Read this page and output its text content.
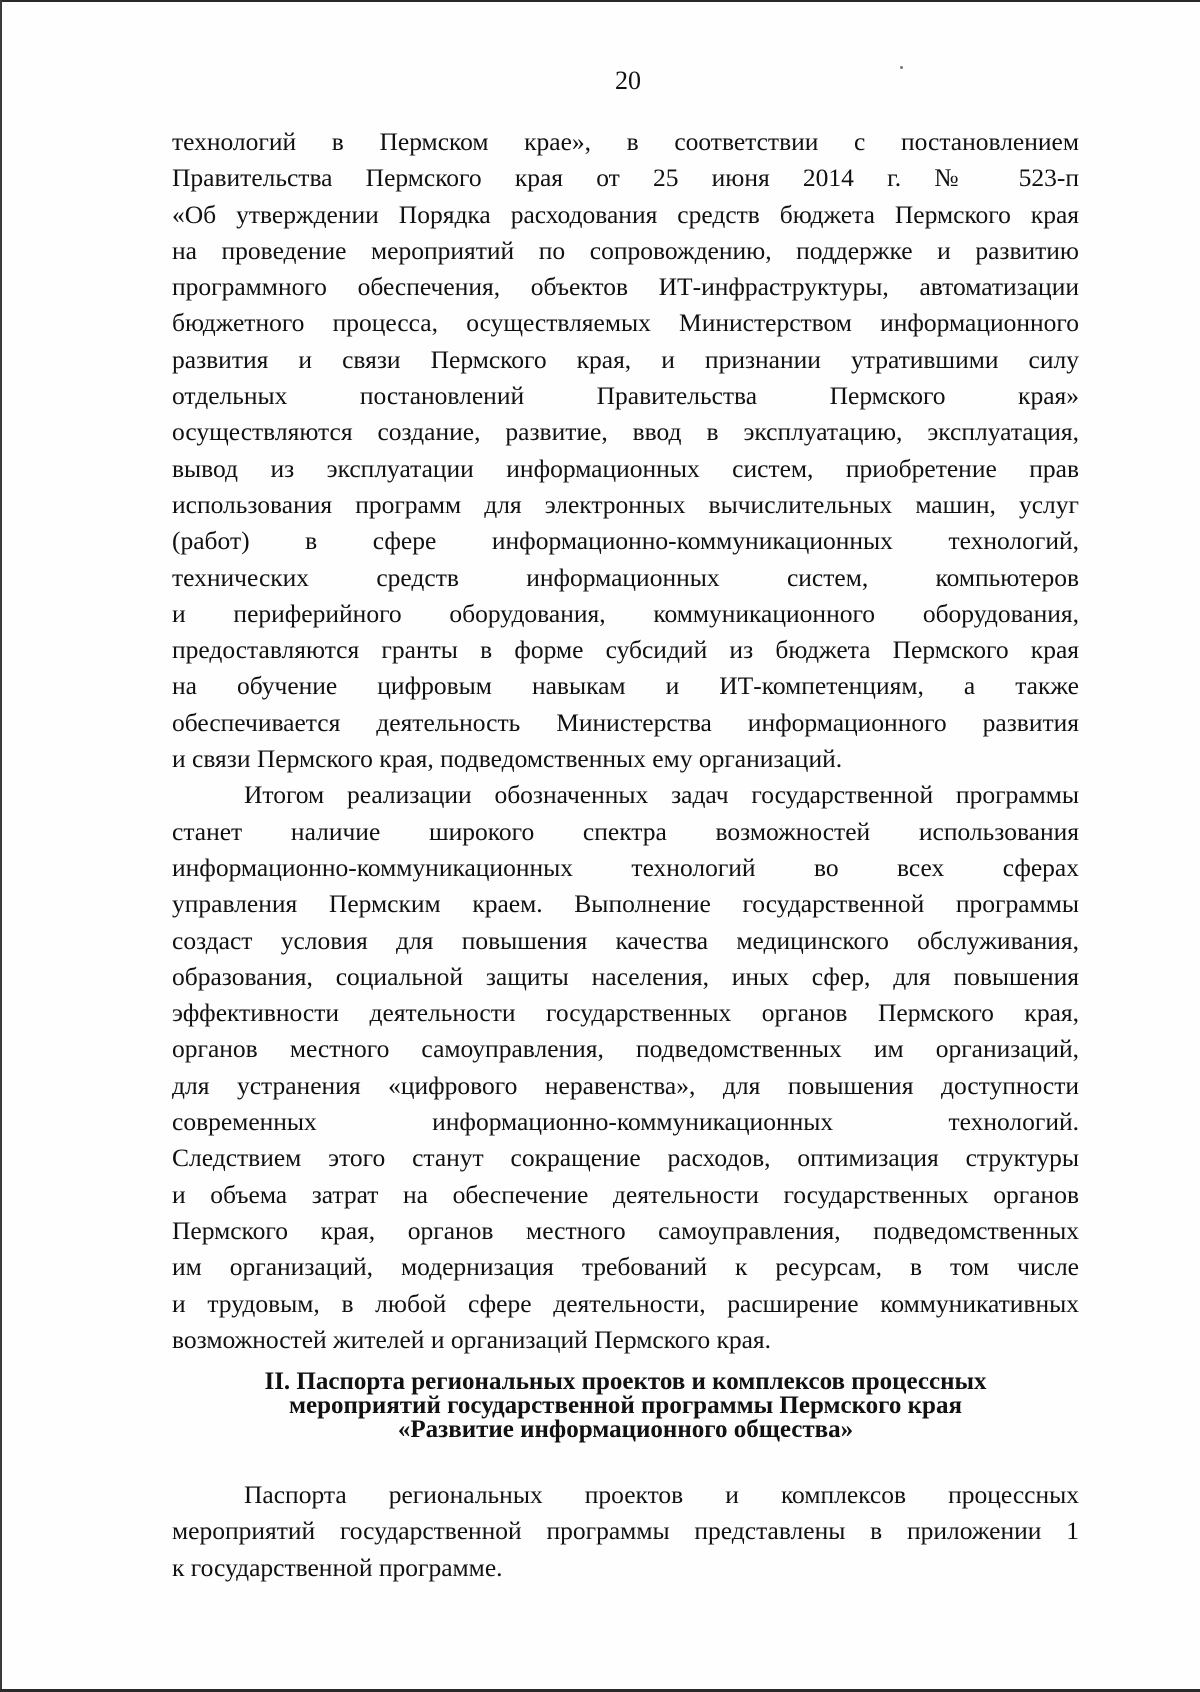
20

технологий в Пермском крае», в соответствии с постановлением
Правительства Пермского края от 25 июня 2014 г. № 523-п
«Об утверждении Порядка расходования средств бюджета Пермского края
на проведение мероприятий по сопровождению, поддержке и развитию
программного обеспечения, объектов ИТ-инфраструктуры, автоматизации
бюджетного процесса, осуществляемых Министерством информационного
развития и связи Пермского края, и признании утратившими силу
отдельных постановлений Правительства Пермского края»
осуществляются создание, развитие, ввод в эксплуатацию, эксплуатация,
вывод из эксплуатации информационных систем, приобретение прав
использования программ для электронных вычислительных машин, услуг
(работ) в сфере информационно-коммуникационных технологий,
технических средств информационных систем, компьютеров
и периферийного оборудования, коммуникационного оборудования,
предоставляются гранты в форме субсидий из бюджета Пермского края
на обучение цифровым навыкам и ИТ-компетенциям, а также
обеспечивается деятельность Министерства информационного развития
и связи Пермского края, подведомственных ему организаций.

Итогом реализации обозначенных задач государственной программы
станет наличие широкого спектра возможностей использования
информационно-коммуникационных технологий во всех сферах
управления Пермским краем. Выполнение государственной программы
создаст условия для повышения качества медицинского обслуживания,
образования, социальной защиты населения, иных сфер, для повышения
эффективности деятельности государственных органов Пермского края,
органов местного самоуправления, подведомственных им организаций,
для устранения «цифрового неравенства», для повышения доступности
современных информационно-коммуникационных технологий.
Следствием этого станут сокращение расходов, оптимизация структуры
и объема затрат на обеспечение деятельности государственных органов
Пермского края, органов местного самоуправления, подведомственных
им организаций, модернизация требований к ресурсам, в том числе
и трудовым, в любой сфере деятельности, расширение коммуникативных
возможностей жителей и организаций Пермского края.

II. Паспорта региональных проектов и комплексов процессных
мероприятий государственной программы Пермского края
«Развитие информационного общества»

Паспорта региональных проектов и комплексов процессных
мероприятий государственной программы представлены в приложении 1
к государственной программе.
